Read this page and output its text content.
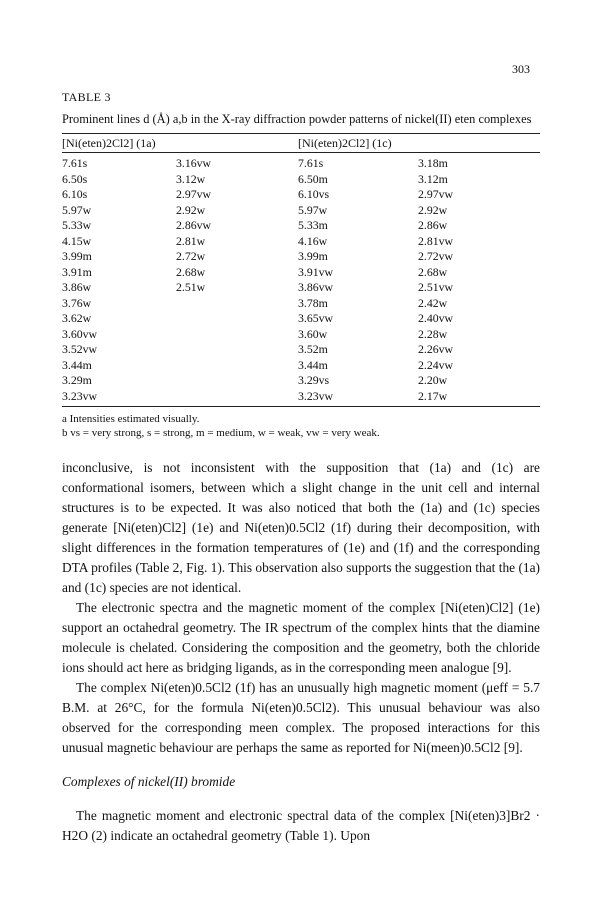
303
TABLE 3
Prominent lines d (Å) a,b in the X-ray diffraction powder patterns of nickel(II) eten complexes
[Ni(eten)2Cl2] (1a)	[Ni(eten)2Cl2] (1c)
7.61s	3.16vw	7.61s	3.18m
6.50s	3.12w	6.50m	3.12m
6.10s	2.97vw	6.10vs	2.97vw
5.97w	2.92w	5.97w	2.92w
5.33w	2.86vw	5.33m	2.86w
4.15w	2.81w	4.16w	2.81vw
3.99m	2.72w	3.99m	2.72vw
3.91m	2.68w	3.91vw	2.68w
3.86w	2.51w	3.86vw	2.51vw
3.76w		3.78m	2.42w
3.62w		3.65vw	2.40vw
3.60vw		3.60w	2.28w
3.52vw		3.52m	2.26vw
3.44m		3.44m	2.24vw
3.29m		3.29vs	2.20w
3.23vw		3.23vw	2.17w
a Intensities estimated visually.
b vs = very strong, s = strong, m = medium, w = weak, vw = very weak.

inconclusive, is not inconsistent with the supposition that (1a) and (1c) are conformational isomers, between which a slight change in the unit cell and internal structures is to be expected. It was also noticed that both the (1a) and (1c) species generate [Ni(eten)Cl2] (1e) and Ni(eten)0.5Cl2 (1f) during their decomposition, with slight differences in the formation temperatures of (1e) and (1f) and the corresponding DTA profiles (Table 2, Fig. 1). This observation also supports the suggestion that the (1a) and (1c) species are not identical.

The electronic spectra and the magnetic moment of the complex [Ni(eten)Cl2] (1e) support an octahedral geometry. The IR spectrum of the complex hints that the diamine molecule is chelated. Considering the composition and the geometry, both the chloride ions should act here as bridging ligands, as in the corresponding meen analogue [9].

The complex Ni(eten)0.5Cl2 (1f) has an unusually high magnetic moment (μeff = 5.7 B.M. at 26°C, for the formula Ni(eten)0.5Cl2). This unusual behaviour was also observed for the corresponding meen complex. The proposed interactions for this unusual magnetic behaviour are perhaps the same as reported for Ni(meen)0.5Cl2 [9].

Complexes of nickel(II) bromide

The magnetic moment and electronic spectral data of the complex [Ni(eten)3]Br2 · H2O (2) indicate an octahedral geometry (Table 1). Upon
